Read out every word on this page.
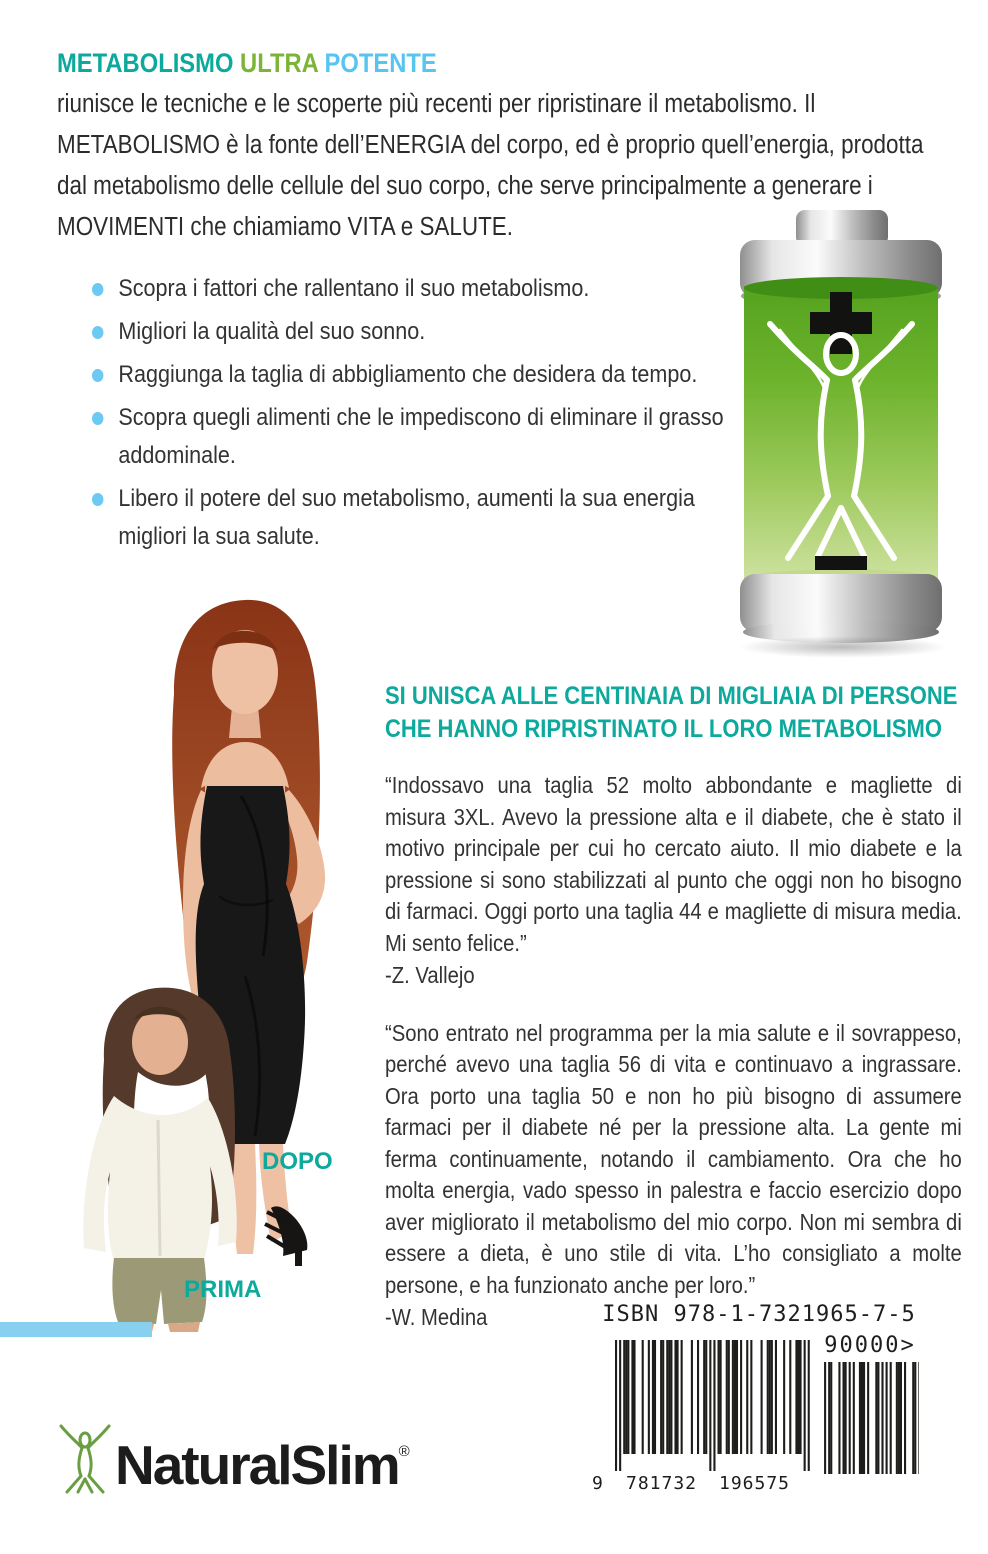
METABOLISMO ULTRA POTENTE

riunisce le tecniche e le scoperte più recenti per ripristinare il metabolismo. Il METABOLISMO è la fonte dell’ENERGIA del corpo, ed è proprio quell’energia, prodotta dal metabolismo delle cellule del suo corpo, che serve principalmente a generare i MOVIMENTI che chiamiamo VITA e SALUTE.

Scopra i fattori che rallentano il suo metabolismo.
Migliori la qualità del suo sonno.
Raggiunga la taglia di abbigliamento che desidera da tempo.
Scopra quegli alimenti che le impediscono di eliminare il grasso addominale.
Libero il potere del suo metabolismo, aumenti la sua energia migliori la sua salute.
DOPO
PRIMA
SI UNISCA ALLE CENTINAIA DI MIGLIAIA DI PERSONE CHE HANNO RIPRISTINATO IL LORO METABOLISMO

“Indossavo una taglia 52 molto abbondante e magliette di misura 3XL. Avevo la pressione alta e il diabete, che è stato il motivo principale per cui ho cercato aiuto. Il mio diabete e la pressione si sono stabilizzati al punto che oggi non ho bisogno di farmaci. Oggi porto una taglia 44 e magliette di misura media. Mi sento felice.”

-Z. Vallejo

“Sono entrato nel programma per la mia salute e il sovrappeso, perché avevo una taglia 56 di vita e continuavo a ingrassare. Ora porto una taglia 50 e non ho più bisogno di assumere farmaci per il diabete né per la pressione alta. La gente mi ferma continuamente, notando il cambiamento. Ora che ho molta energia, vado spesso in palestra e faccio esercizio dopo aver migliorato il metabolismo del mio corpo. Non mi sembra di essere a dieta, è uno stile di vita. L’ho consigliato a molte persone, e ha funzionato anche per loro.”

-W. Medina	ISBN 978-1-7321965-7-5
90000>
9 781732 196575
NaturalSlim®
